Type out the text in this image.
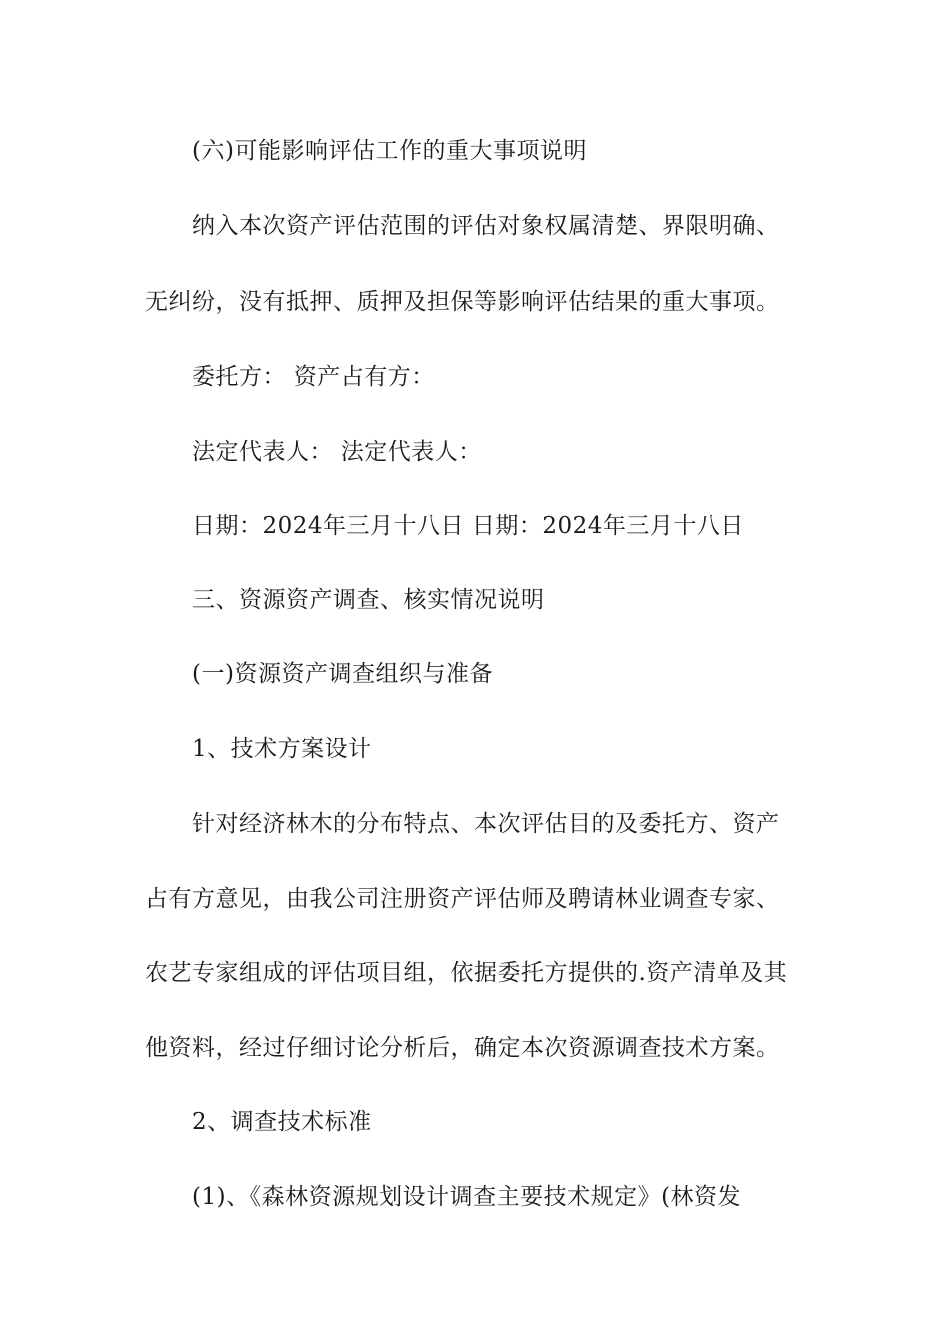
(六)可能影响评估工作的重大事项说明
纳入本次资产评估范围的评估对象权属清楚、界限明确、
无纠纷，没有抵押、质押及担保等影响评估结果的重大事项。
委托方： 资产占有方：
法定代表人： 法定代表人：
日期：2024年三月十八日 日期：2024年三月十八日
三、资源资产调查、核实情况说明
(一)资源资产调查组织与准备
1、技术方案设计
针对经济林木的分布特点、本次评估目的及委托方、资产
占有方意见，由我公司注册资产评估师及聘请林业调查专家、
农艺专家组成的评估项目组，依据委托方提供的.资产清单及其
他资料，经过仔细讨论分析后，确定本次资源调查技术方案。
2、调查技术标准
(1)、《森林资源规划设计调查主要技术规定》(林资发
